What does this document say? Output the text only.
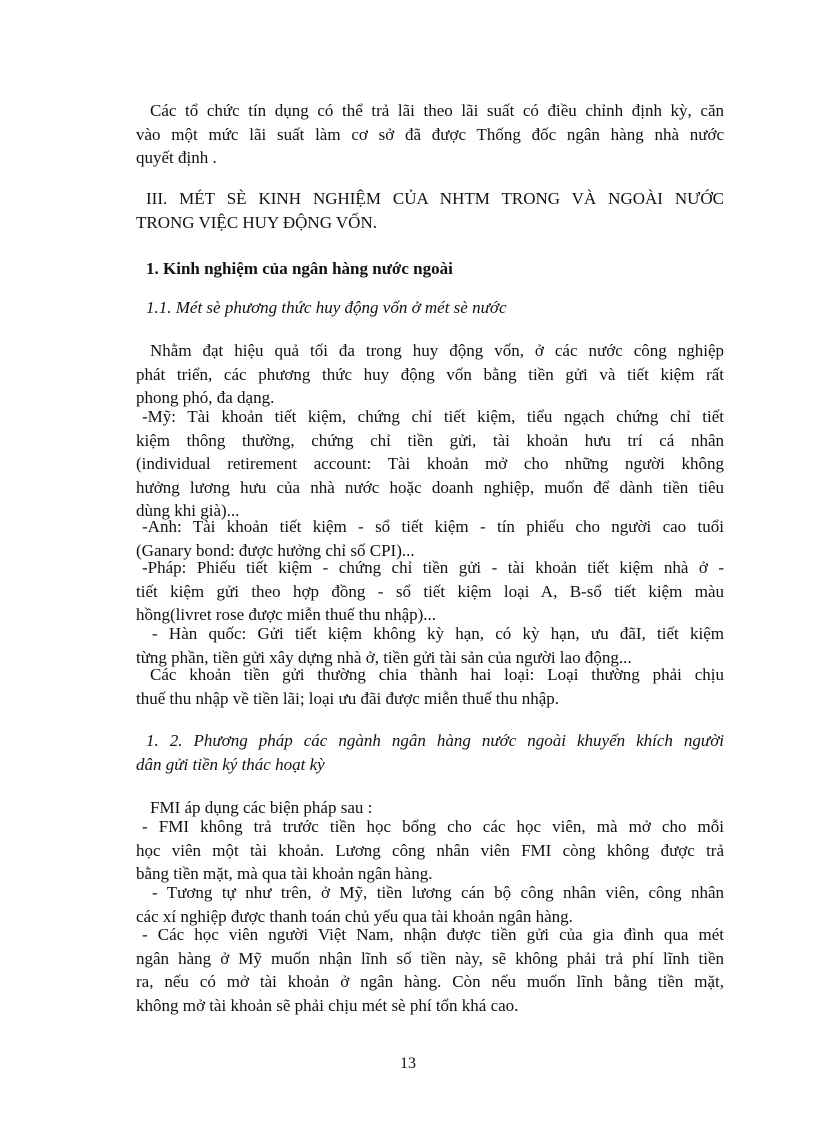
Các tổ chức tín dụng có thể trả lãi theo lãi suất có điều chỉnh định kỳ, căn
vào một mức lãi suất làm cơ sở đã được Thống đốc ngân hàng nhà nước
quyết định .
III. MÉT SÈ KINH NGHIỆM CỦA NHTM TRONG VÀ NGOÀI NƯỚC
TRONG VIỆC HUY ĐỘNG VỐN.
1. Kinh nghiệm của ngân hàng nước ngoài
1.1. Mét sè phương thức huy động vốn ở mét sè nước
Nhằm đạt hiệu quả tối đa trong huy động vốn, ở các nước công nghiệp
phát triển, các phương thức huy động vốn bằng tiền gửi và tiết kiệm rất
phong phó, đa dạng.
-Mỹ: Tài khoản tiết kiệm, chứng chỉ tiết kiệm, tiểu ngạch chứng chỉ tiết
kiệm thông thường, chứng chỉ tiền gửi, tài khoản hưu trí cá nhân
(individual retirement account: Tài khoản mở cho những người không
hưởng lương hưu của nhà nước hoặc doanh nghiệp, muốn để dành tiền tiêu
dùng khi già)...
-Anh: Tài khoản tiết kiệm - sổ tiết kiệm - tín phiếu cho người cao tuổi
(Ganary bond: được hưởng chỉ số CPI)...
-Pháp: Phiếu tiết kiệm - chứng chỉ tiền gửi - tài khoản tiết kiệm nhà ở -
tiết kiệm gửi theo hợp đồng - sổ tiết kiệm loại A, B-sổ tiết kiệm màu
hồng(livret rose được miễn thuế thu nhập)...
- Hàn quốc: Gửi tiết kiệm không kỳ hạn, có kỳ hạn, ưu đãI, tiết kiệm
từng phần, tiền gửi xây dựng nhà ở, tiền gửi tài sản của người lao động...
Các khoản tiền gửi thường chia thành hai loại: Loại thường phải chịu
thuế thu nhập về tiền lãi; loại ưu đãi được miễn thuế thu nhập.
1. 2. Phương pháp các ngành ngân hàng nước ngoài khuyến khích người
dân gửi tiền ký thác hoạt kỳ
FMI áp dụng các biện pháp sau :
- FMI không trả trước tiền học bổng cho các học viên, mà mở cho mỗi
học viên một tài khoản. Lương công nhân viên FMI còng không được trả
bằng tiền mặt, mà qua tài khoản ngân hàng.
- Tương tự như trên, ở Mỹ, tiền lương cán bộ công nhân viên, công nhân
các xí nghiệp được thanh toán chủ yếu qua tài khoản ngân hàng.
- Các học viên người Việt Nam, nhận được tiền gửi của gia đình qua mét
ngân hàng ở Mỹ muốn nhận lĩnh số tiền này, sẽ không phải trả phí lĩnh tiền
ra, nếu có mở tài khoản ở ngân hàng. Còn nếu muốn lĩnh bằng tiền mặt,
không mở tài khoản sẽ phải chịu mét sè phí tổn khá cao.
13
